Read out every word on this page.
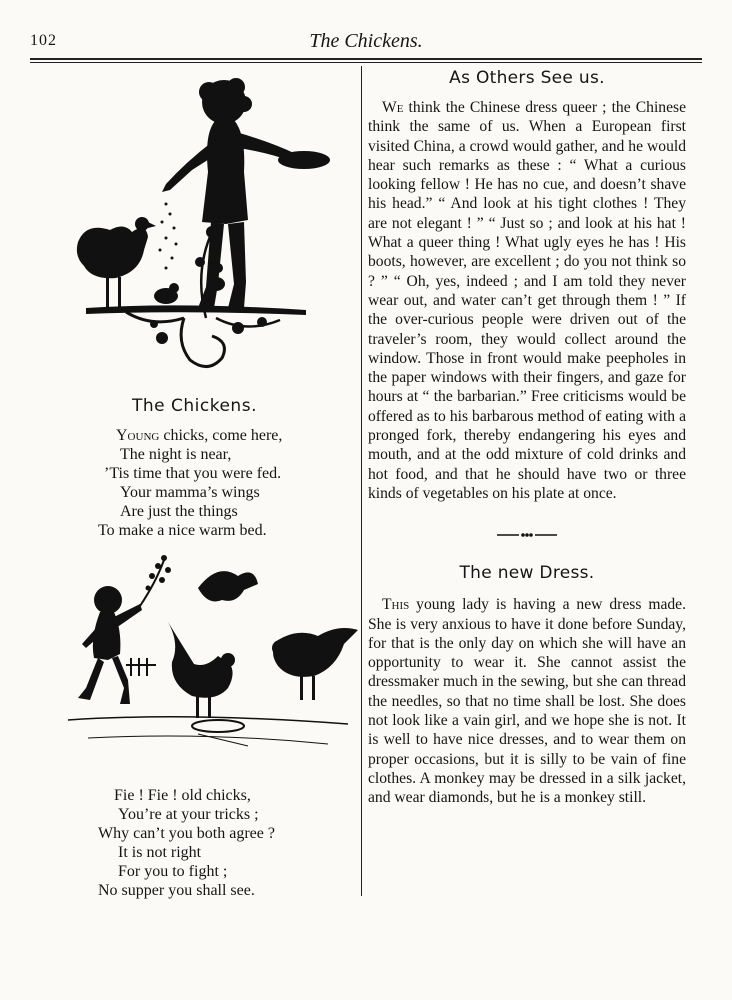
102	The Chickens.
The Chickens.
Young chicks, come here,
The night is near,
’Tis time that you were fed.
Your mamma’s wings
Are just the things
To make a nice warm bed.
Fie ! Fie ! old chicks,
You’re at your tricks ;
Why can’t you both agree ?
It is not right
For you to fight ;
No supper you shall see.
As Others See us.

We think the Chinese dress queer ; the Chinese think the same of us. When a European first visited China, a crowd would gather, and he would hear such remarks as these : “ What a curious looking fellow ! He has no cue, and doesn’t shave his head.” “ And look at his tight clothes ! They are not elegant ! ” “ Just so ; and look at his hat ! What a queer thing ! What ugly eyes he has ! His boots, however, are excellent ; do you not think so ? ” “ Oh, yes, indeed ; and I am told they never wear out, and water can’t get through them ! ” If the over-curious people were driven out of the traveler’s room, they would collect around the window. Those in front would make peepholes in the paper windows with their fingers, and gaze for hours at “ the barbarian.” Free criticisms would be offered as to his barbarous method of eating with a pronged fork, thereby endangering his eyes and mouth, and at the odd mixture of cold drinks and hot food, and that he should have two or three kinds of vegetables on his plate at once.

The new Dress.

This young lady is having a new dress made. She is very anxious to have it done before Sunday, for that is the only day on which she will have an opportunity to wear it. She cannot assist the dressmaker much in the sewing, but she can thread the needles, so that no time shall be lost. She does not look like a vain girl, and we hope she is not. It is well to have nice dresses, and to wear them on proper occasions, but it is silly to be vain of fine clothes. A monkey may be dressed in a silk jacket, and wear diamonds, but he is a monkey still.
